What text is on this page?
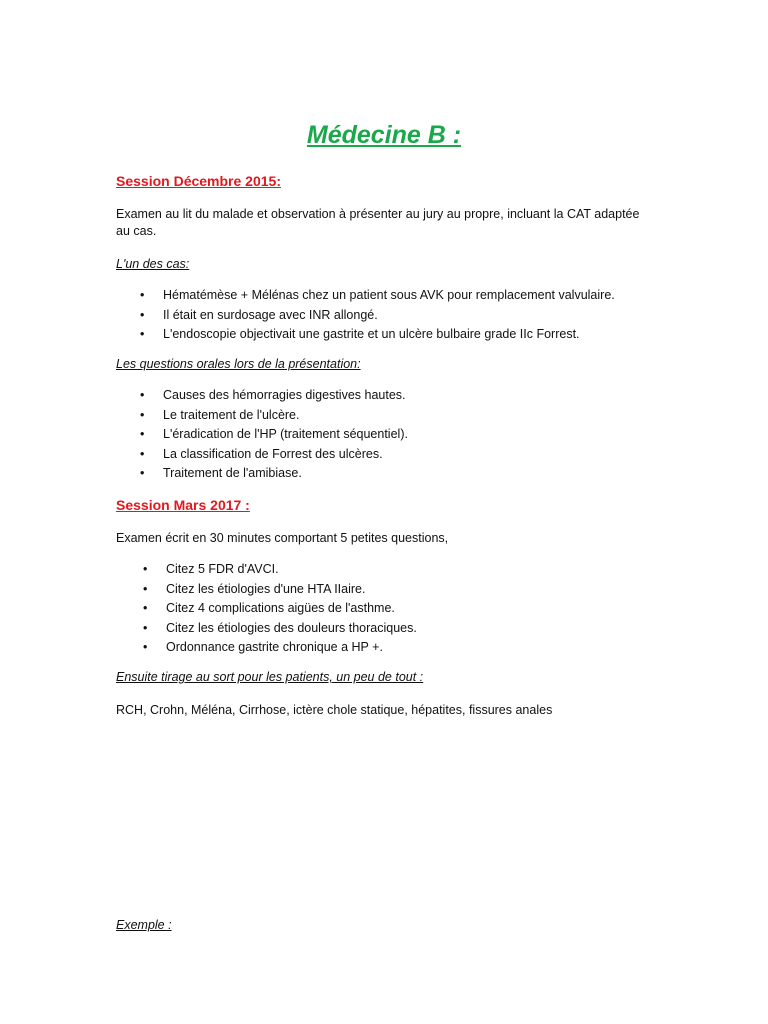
Médecine B :

Session Décembre 2015:

Examen au lit du malade et observation à présenter au jury au propre, incluant la CAT adaptée au cas.

L'un des cas:

• Hématémèse + Mélénas chez un patient sous AVK pour remplacement valvulaire.
• Il était en surdosage avec INR allongé.
• L'endoscopie objectivait une gastrite et un ulcère bulbaire grade IIc Forrest.

Les questions orales lors de la présentation:

• Causes des hémorragies digestives hautes.
• Le traitement de l'ulcère.
• L'éradication de l'HP (traitement séquentiel).
• La classification de Forrest des ulcères.
• Traitement de l'amibiase.

Session Mars 2017 :

Examen écrit en 30 minutes comportant 5 petites questions,

• Citez 5 FDR d'AVCI.
• Citez les étiologies d'une HTA IIaire.
• Citez 4 complications aigües de l'asthme.
• Citez les étiologies des douleurs thoraciques.
• Ordonnance gastrite chronique a HP +.

Ensuite tirage au sort pour les patients, un peu de tout :

RCH, Crohn, Méléna, Cirrhose, ictère chole statique, hépatites, fissures anales

Exemple :
